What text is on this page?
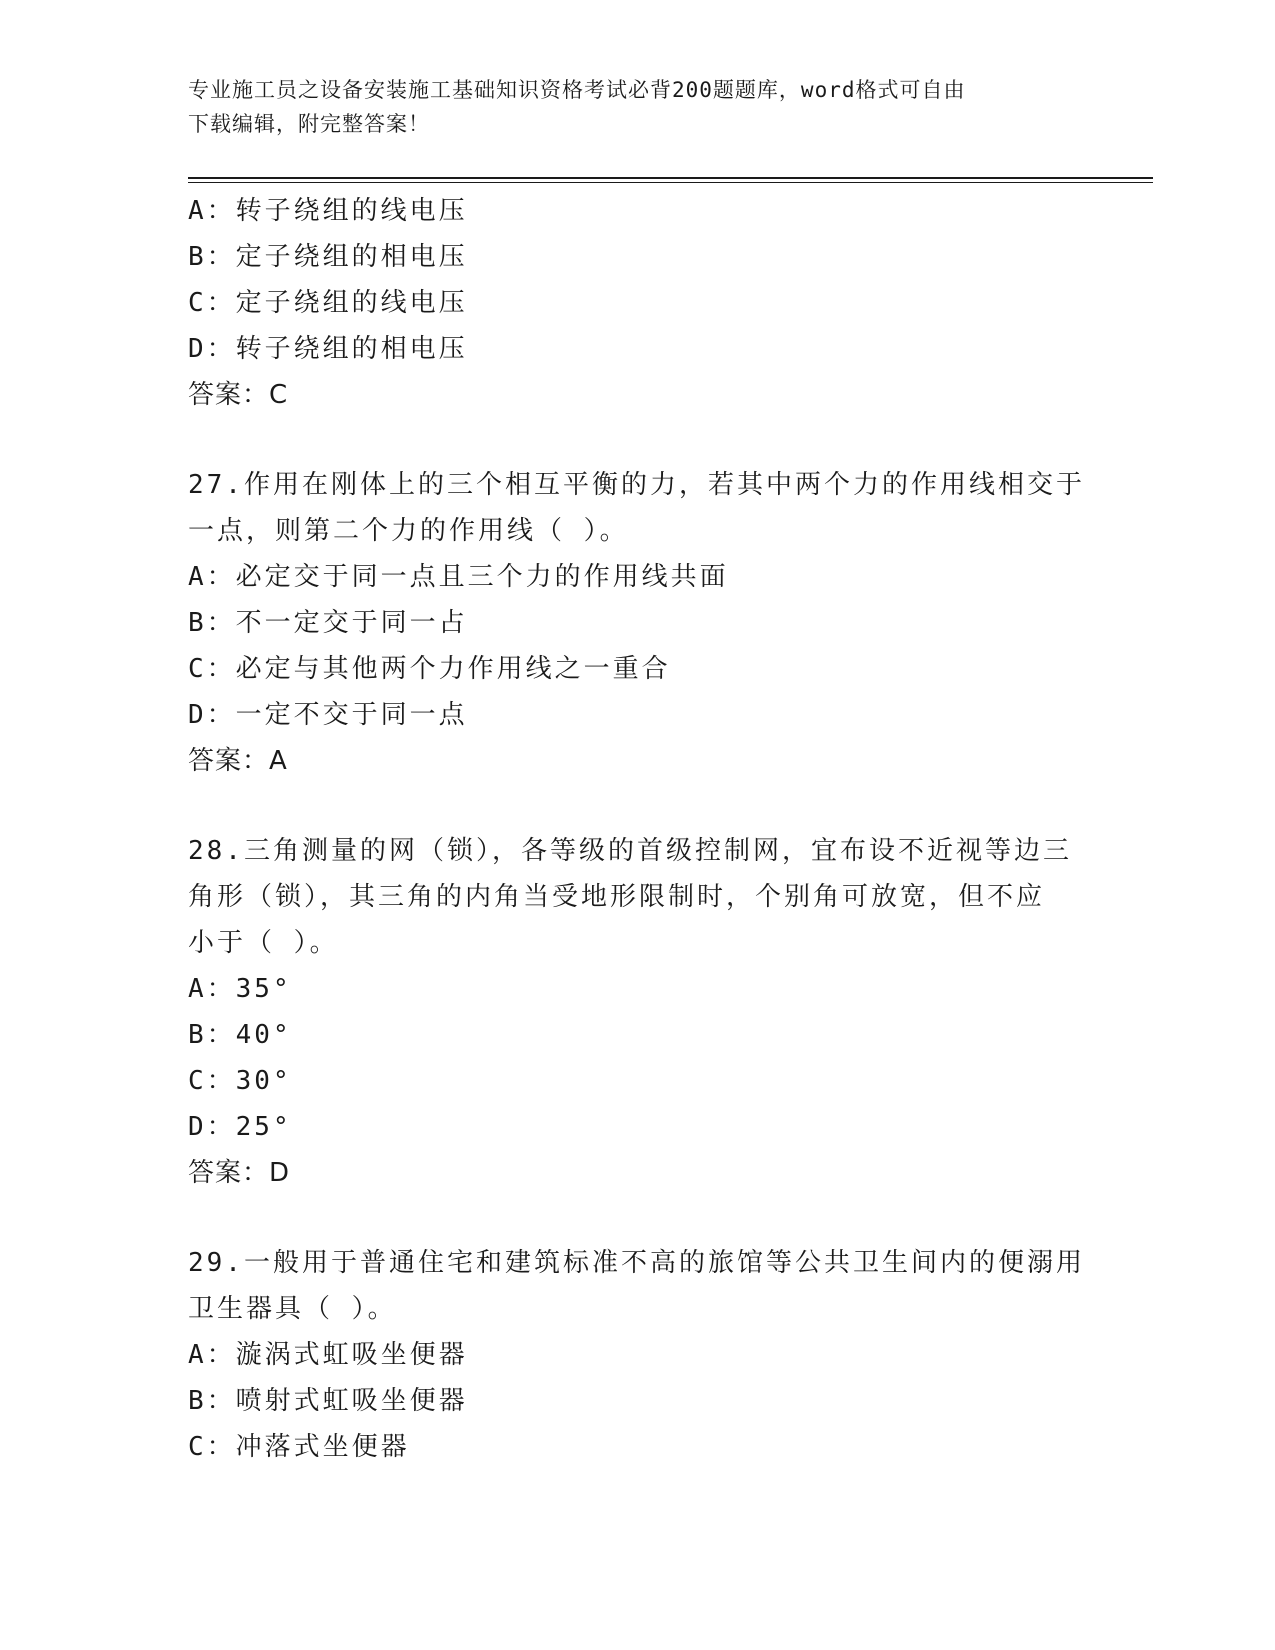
专业施工员之设备安装施工基础知识资格考试必背200题题库，word格式可自由
下载编辑，附完整答案！
A：转子绕组的线电压
B：定子绕组的相电压
C：定子绕组的线电压
D：转子绕组的相电压
答案：C
27.作用在刚体上的三个相互平衡的力，若其中两个力的作用线相交于
一点，则第二个力的作用线（ ）。
A：必定交于同一点且三个力的作用线共面
B：不一定交于同一占
C：必定与其他两个力作用线之一重合
D：一定不交于同一点
答案：A
28.三角测量的网（锁），各等级的首级控制网，宜布设不近视等边三
角形（锁），其三角的内角当受地形限制时，个别角可放宽，但不应
小于（ ）。
A：35°
B：40°
C：30°
D：25°
答案：D
29.一般用于普通住宅和建筑标准不高的旅馆等公共卫生间内的便溺用
卫生器具（ ）。
A：漩涡式虹吸坐便器
B：喷射式虹吸坐便器
C：冲落式坐便器
